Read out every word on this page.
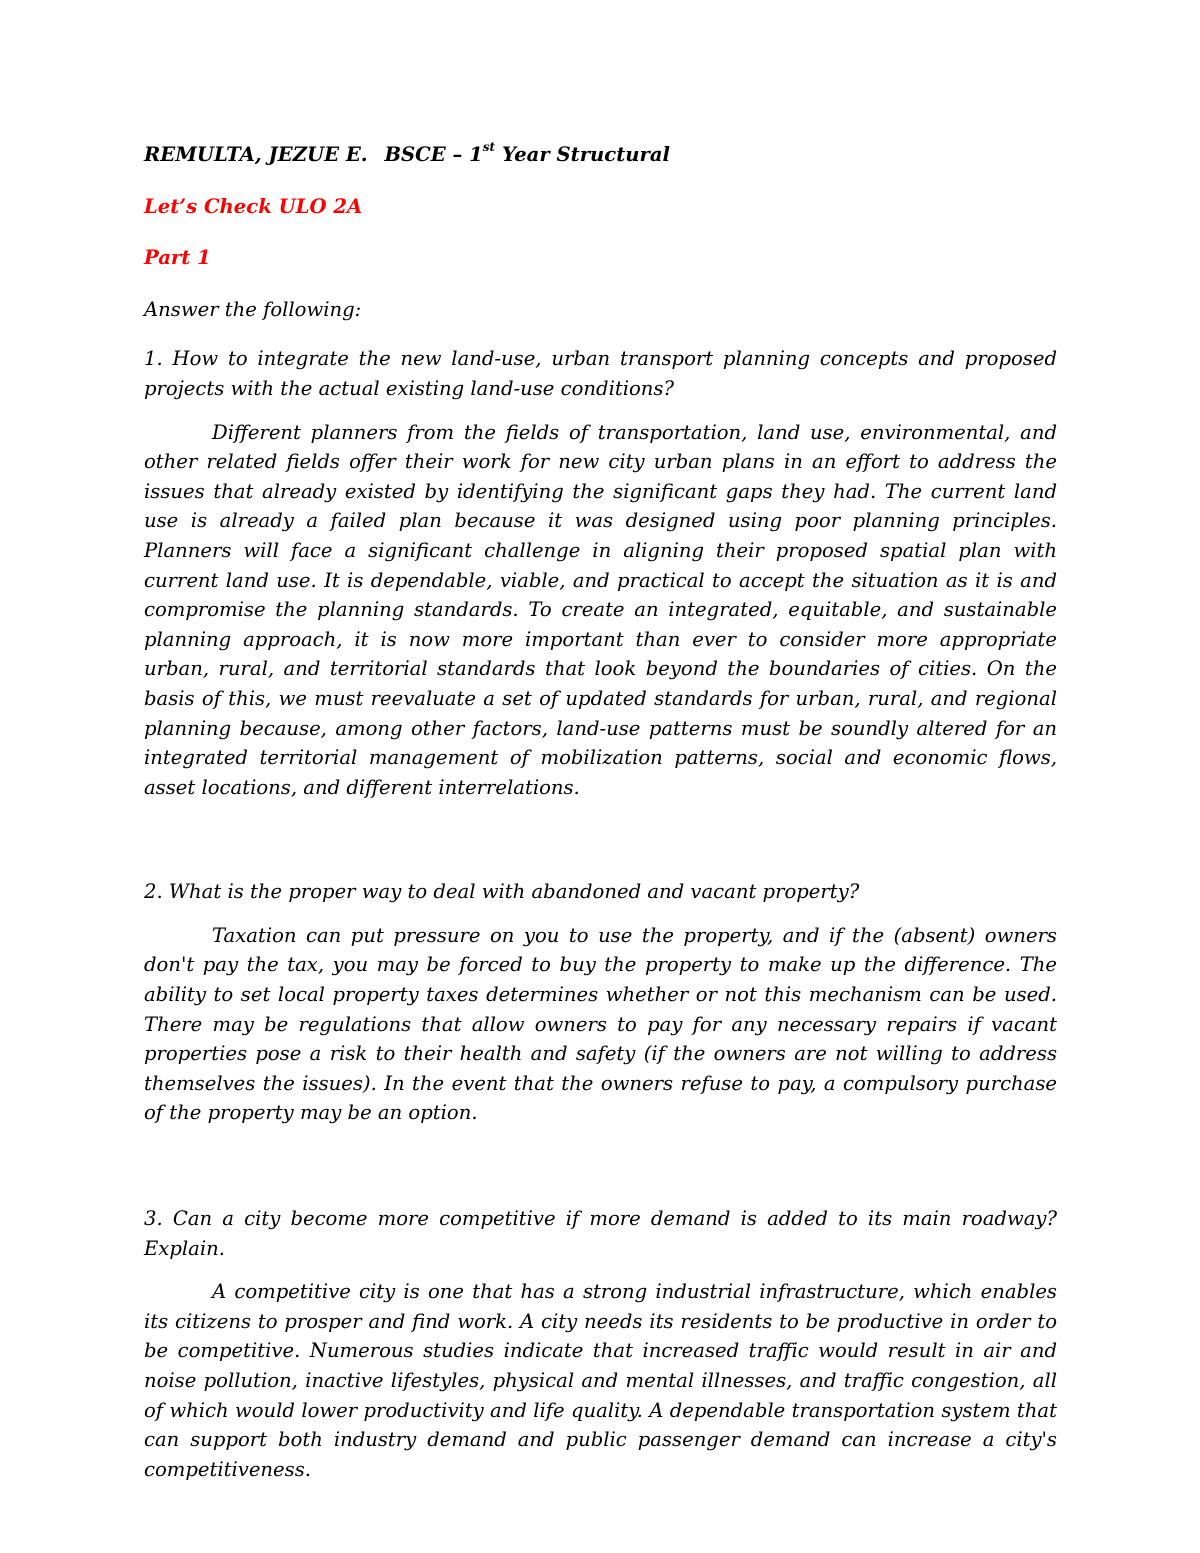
REMULTA, JEZUE E. BSCE – 1st Year Structural

Let’s Check ULO 2A

Part 1

Answer the following:

1. How to integrate the new land-use, urban transport planning concepts and proposed projects with the actual existing land-use conditions?

Different planners from the fields of transportation, land use, environmental, and other related fields offer their work for new city urban plans in an effort to address the issues that already existed by identifying the significant gaps they had. The current land use is already a failed plan because it was designed using poor planning principles. Planners will face a significant challenge in aligning their proposed spatial plan with current land use. It is dependable, viable, and practical to accept the situation as it is and compromise the planning standards. To create an integrated, equitable, and sustainable planning approach, it is now more important than ever to consider more appropriate urban, rural, and territorial standards that look beyond the boundaries of cities. On the basis of this, we must reevaluate a set of updated standards for urban, rural, and regional planning because, among other factors, land-use patterns must be soundly altered for an integrated territorial management of mobilization patterns, social and economic flows, asset locations, and different interrelations.

2. What is the proper way to deal with abandoned and vacant property?

Taxation can put pressure on you to use the property, and if the (absent) owners don't pay the tax, you may be forced to buy the property to make up the difference. The ability to set local property taxes determines whether or not this mechanism can be used. There may be regulations that allow owners to pay for any necessary repairs if vacant properties pose a risk to their health and safety (if the owners are not willing to address themselves the issues). In the event that the owners refuse to pay, a compulsory purchase of the property may be an option.

3. Can a city become more competitive if more demand is added to its main roadway? Explain.

A competitive city is one that has a strong industrial infrastructure, which enables its citizens to prosper and find work. A city needs its residents to be productive in order to be competitive. Numerous studies indicate that increased traffic would result in air and noise pollution, inactive lifestyles, physical and mental illnesses, and traffic congestion, all of which would lower productivity and life quality. A dependable transportation system that can support both industry demand and public passenger demand can increase a city's competitiveness.
